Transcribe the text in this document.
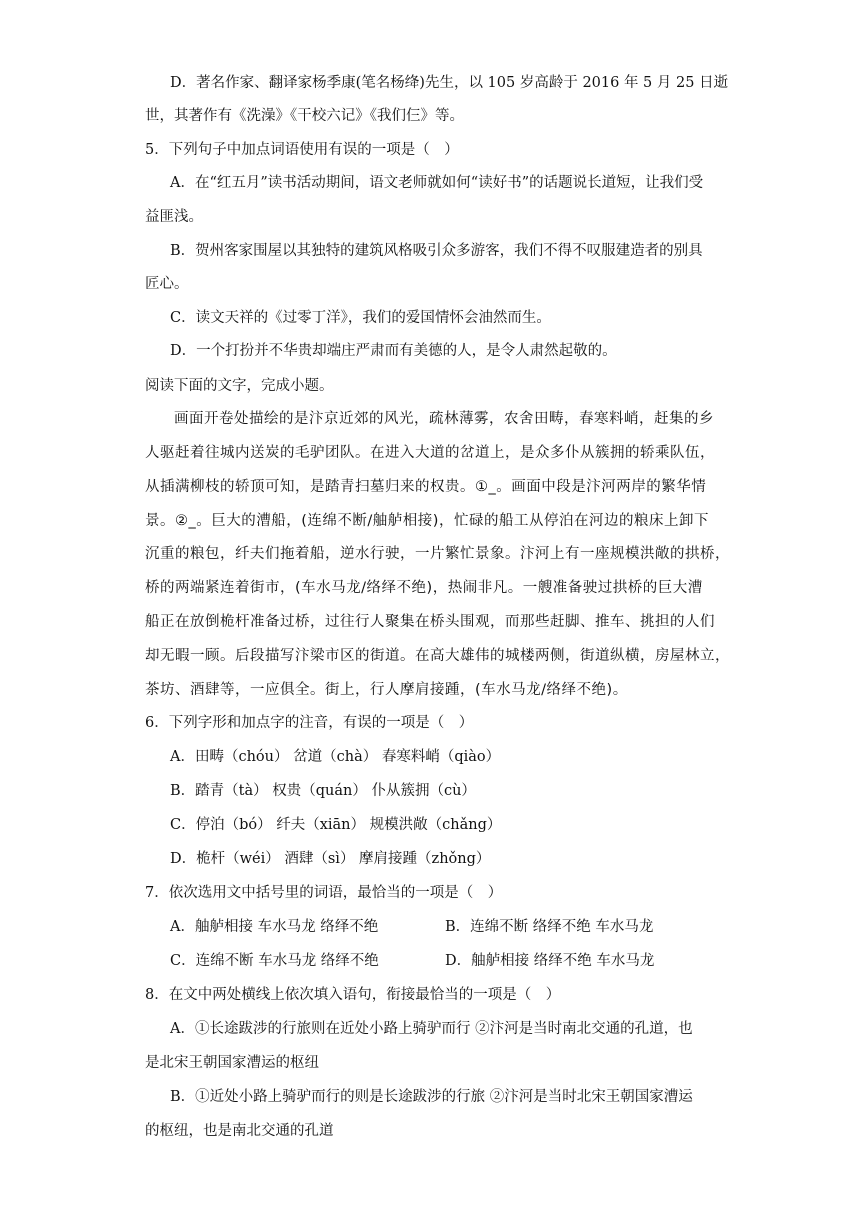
D．著名作家、翻译家杨季康(笔名杨绛)先生，以 105 岁高龄于 2016 年 5 月 25 日逝
世，其著作有《洗澡》《干校六记》《我们仨》等。
5．下列句子中加点词语使用有误的一项是（　）
A．在“红五月”读书活动期间，语文老师就如何“读好书”的话题说长道短，让我们受
益匪浅。
B．贺州客家围屋以其独特的建筑风格吸引众多游客，我们不得不叹服建造者的别具
匠心。
C．读文天祥的《过零丁洋》，我们的爱国情怀会油然而生。
D．一个打扮并不华贵却端庄严肃而有美德的人，是令人肃然起敬的。
阅读下面的文字，完成小题。
画面开卷处描绘的是汴京近郊的风光，疏林薄雾，农舍田畴，春寒料峭，赶集的乡
人驱赶着往城内送炭的毛驴团队。在进入大道的岔道上，是众多仆从簇拥的轿乘队伍，
从插满柳枝的轿顶可知，是踏青扫墓归来的权贵。①_。画面中段是汴河两岸的繁华情
景。②_。巨大的漕船，(连绵不断/舳舻相接)，忙碌的船工从停泊在河边的粮床上卸下
沉重的粮包，纤夫们拖着船，逆水行驶，一片繁忙景象。汴河上有一座规模洪敞的拱桥，
桥的两端紧连着街市，(车水马龙/络绎不绝)，热闹非凡。一艘准备驶过拱桥的巨大漕
船正在放倒桅杆准备过桥，过往行人聚集在桥头围观，而那些赶脚、推车、挑担的人们
却无暇一顾。后段描写汴梁市区的街道。在高大雄伟的城楼两侧，街道纵横，房屋林立，
茶坊、酒肆等，一应俱全。街上，行人摩肩接踵，(车水马龙/络绎不绝)。
6．下列字形和加点字的注音，有误的一项是（　）
A．田畴（chóu） 岔道（chà） 春寒料峭（qiào）
B．踏青（tà） 权贵（quán） 仆从簇拥（cù）
C．停泊（bó） 纤夫（xiān） 规模洪敞（chǎng）
D．桅杆（wéi） 酒肆（sì） 摩肩接踵（zhǒng）
7．依次选用文中括号里的词语，最恰当的一项是（　）
A．舳舻相接 车水马龙 络绎不绝	B．连绵不断 络绎不绝 车水马龙
C．连绵不断 车水马龙 络绎不绝	D．舳舻相接 络绎不绝 车水马龙
8．在文中两处横线上依次填入语句，衔接最恰当的一项是（　）
A．①长途跋涉的行旅则在近处小路上骑驴而行 ②汴河是当时南北交通的孔道，也
是北宋王朝国家漕运的枢纽
B．①近处小路上骑驴而行的则是长途跋涉的行旅 ②汴河是当时北宋王朝国家漕运
的枢纽，也是南北交通的孔道
